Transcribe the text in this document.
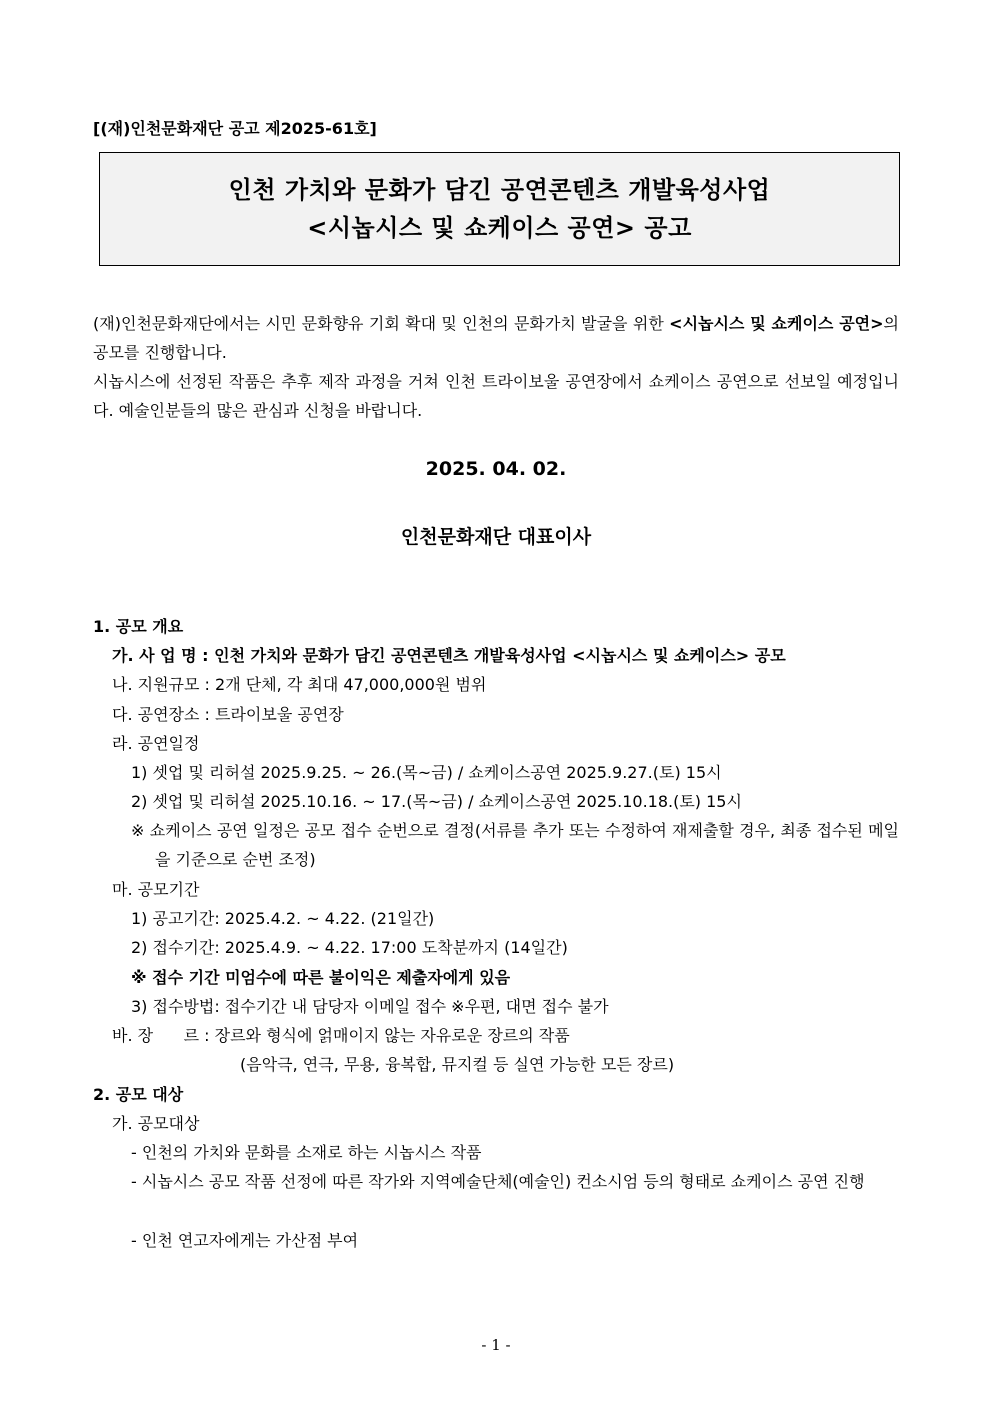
[(재)인천문화재단 공고 제2025-61호]
인천 가치와 문화가 담긴 공연콘텐츠 개발육성사업
<시놉시스 및 쇼케이스 공연> 공고

(재)인천문화재단에서는 시민 문화향유 기회 확대 및 인천의 문화가치 발굴을 위한 <시놉시스 및 쇼케이스 공연>의 공모를 진행합니다.

시놉시스에 선정된 작품은 추후 제작 과정을 거쳐 인천 트라이보울 공연장에서 쇼케이스 공연으로 선보일 예정입니다. 예술인분들의 많은 관심과 신청을 바랍니다.

2025. 04. 02.
인천문화재단 대표이사
1. 공모 개요
가. 사 업 명 : 인천 가치와 문화가 담긴 공연콘텐츠 개발육성사업 <시놉시스 및 쇼케이스> 공모
나. 지원규모 : 2개 단체, 각 최대 47,000,000원 범위
다. 공연장소 : 트라이보울 공연장
라. 공연일정
1) 셋업 및 리허설 2025.9.25. ~ 26.(목~금) / 쇼케이스공연 2025.9.27.(토) 15시
2) 셋업 및 리허설 2025.10.16. ~ 17.(목~금) / 쇼케이스공연 2025.10.18.(토) 15시
※ 쇼케이스 공연 일정은 공모 접수 순번으로 결정(서류를 추가 또는 수정하여 재제출할 경우, 최종 접수된 메일을 기준으로 순번 조정)
마. 공모기간
1) 공고기간: 2025.4.2. ~ 4.22. (21일간)
2) 접수기간: 2025.4.9. ~ 4.22. 17:00 도착분까지 (14일간)
※ 접수 기간 미엄수에 따른 불이익은 제출자에게 있음
3) 접수방법: 접수기간 내 담당자 이메일 접수 ※우편, 대면 접수 불가
바. 장      르 : 장르와 형식에 얽매이지 않는 자유로운 장르의 작품
(음악극, 연극, 무용, 융복합, 뮤지컬 등 실연 가능한 모든 장르)
2. 공모 대상
가. 공모대상
- 인천의 가치와 문화를 소재로 하는 시놉시스 작품
- 시놉시스 공모 작품 선정에 따른 작가와 지역예술단체(예술인) 컨소시엄 등의 형태로 쇼케이스 공연 진행
- 인천 연고자에게는 가산점 부여
- 1 -
